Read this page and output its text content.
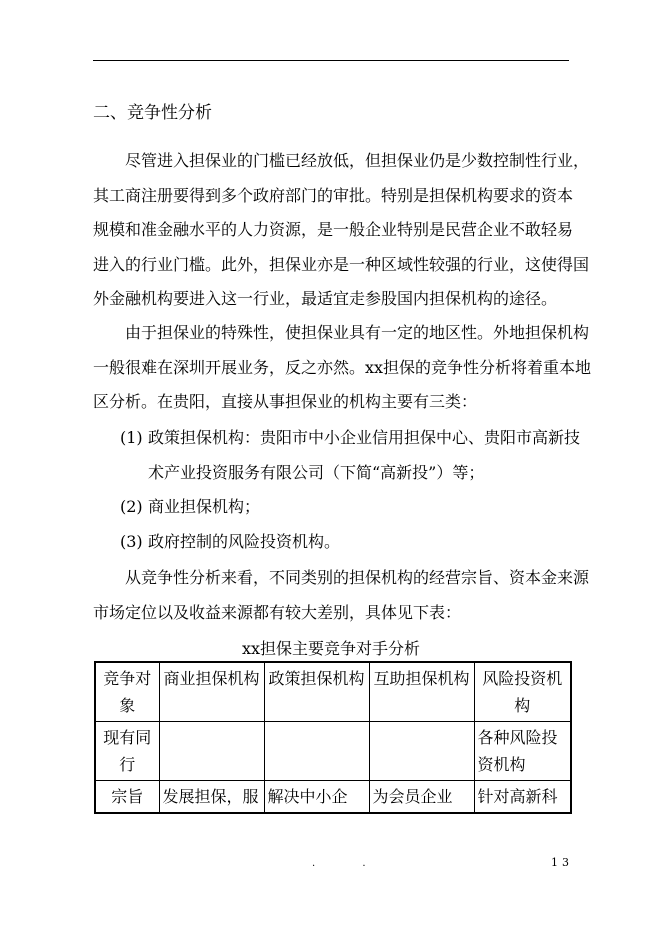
二、竞争性分析
尽管进入担保业的门槛已经放低，但担保业仍是少数控制性行业，
其工商注册要得到多个政府部门的审批。特别是担保机构要求的资本
规模和准金融水平的人力资源，是一般企业特别是民营企业不敢轻易
进入的行业门槛。此外，担保业亦是一种区域性较强的行业，这使得国
外金融机构要进入这一行业，最适宜走参股国内担保机构的途径。
由于担保业的特殊性，使担保业具有一定的地区性。外地担保机构
一般很难在深圳开展业务，反之亦然。xx担保的竞争性分析将着重本地
区分析。在贵阳，直接从事担保业的机构主要有三类：
(1) 政策担保机构：贵阳市中小企业信用担保中心、贵阳市高新技
术产业投资服务有限公司（下简“高新投”）等；
(2) 商业担保机构；
(3) 政府控制的风险投资机构。
从竞争性分析来看，不同类别的担保机构的经营宗旨、资本金来源
市场定位以及收益来源都有较大差别，具体见下表：
xx担保主要竞争对手分析
竞争对象	商业担保机构	政策担保机构	互助担保机构	风险投资机构
现有同行				各种风险投资机构
宗旨	发展担保，服	解决中小企	为会员企业	针对高新科
. .	13
